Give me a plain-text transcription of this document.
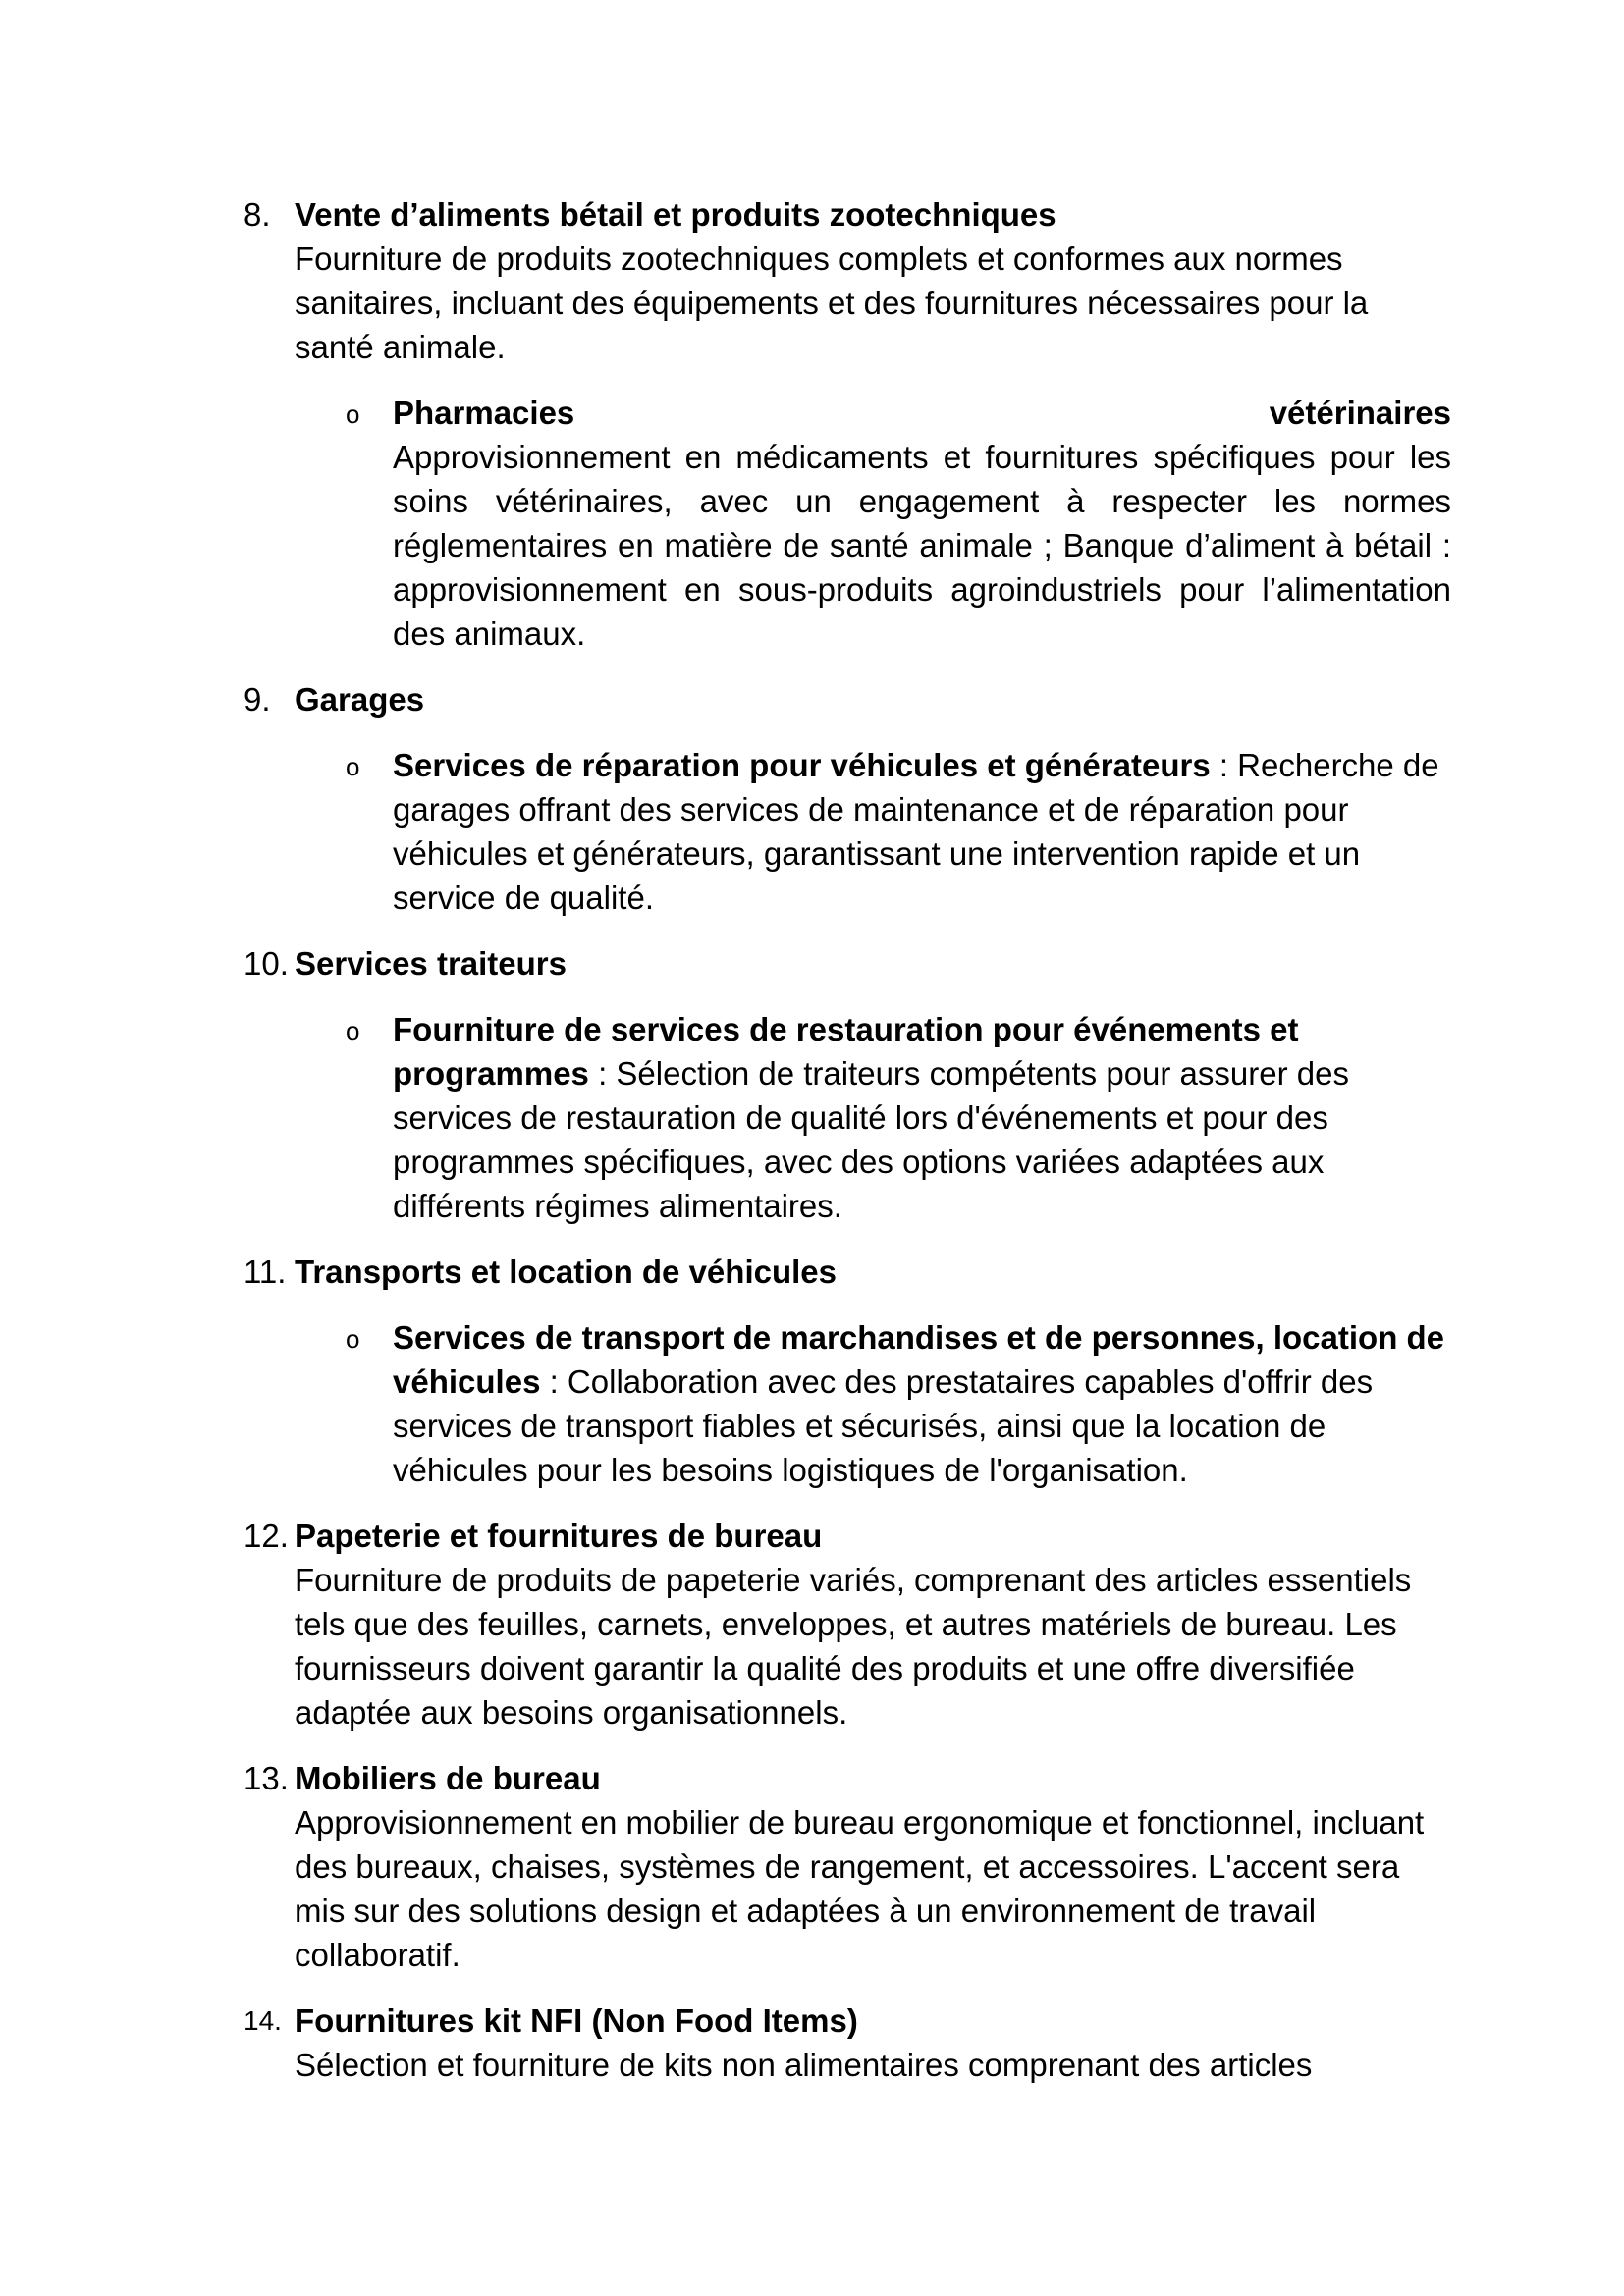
8. Vente d’aliments bétail et produits zootechniques
Fourniture de produits zootechniques complets et conformes aux normes sanitaires, incluant des équipements et des fournitures nécessaires pour la santé animale.
o Pharmacies	vétérinaires
Approvisionnement en médicaments et fournitures spécifiques pour les soins vétérinaires, avec un engagement à respecter les normes réglementaires en matière de santé animale ; Banque d’aliment à bétail : approvisionnement en sous-produits agroindustriels pour l’alimentation des animaux.
9. Garages
o Services de réparation pour véhicules et générateurs : Recherche de garages offrant des services de maintenance et de réparation pour véhicules et générateurs, garantissant une intervention rapide et un service de qualité.
10. Services traiteurs
o Fourniture de services de restauration pour événements et programmes : Sélection de traiteurs compétents pour assurer des services de restauration de qualité lors d'événements et pour des programmes spécifiques, avec des options variées adaptées aux différents régimes alimentaires.
11. Transports et location de véhicules
o Services de transport de marchandises et de personnes, location de véhicules : Collaboration avec des prestataires capables d'offrir des services de transport fiables et sécurisés, ainsi que la location de véhicules pour les besoins logistiques de l'organisation.
12. Papeterie et fournitures de bureau
Fourniture de produits de papeterie variés, comprenant des articles essentiels tels que des feuilles, carnets, enveloppes, et autres matériels de bureau. Les fournisseurs doivent garantir la qualité des produits et une offre diversifiée adaptée aux besoins organisationnels.
13. Mobiliers de bureau
Approvisionnement en mobilier de bureau ergonomique et fonctionnel, incluant des bureaux, chaises, systèmes de rangement, et accessoires. L'accent sera mis sur des solutions design et adaptées à un environnement de travail collaboratif.
14. Fournitures kit NFI (Non Food Items)
Sélection et fourniture de kits non alimentaires comprenant des articles
